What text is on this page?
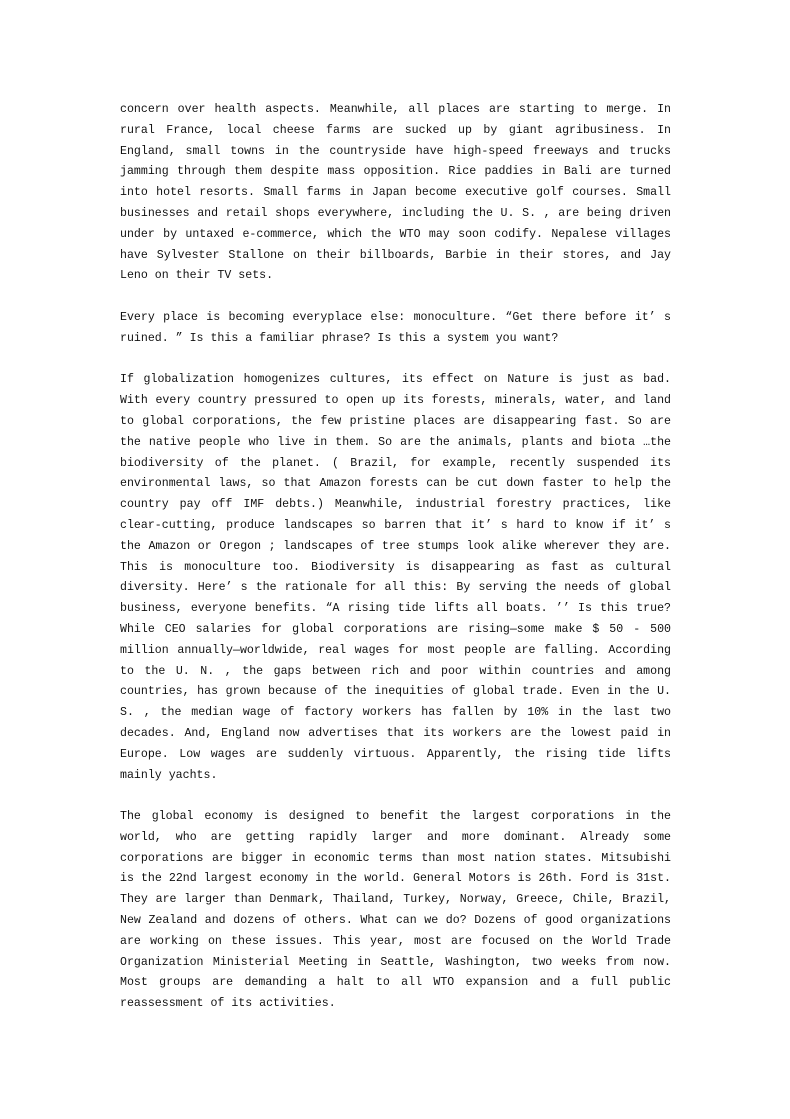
concern over health aspects. Meanwhile, all places are starting to merge. In
rural France, local cheese farms are sucked up by giant agribusiness. In
England, small towns in the countryside have high-speed freeways and trucks
jamming through them despite mass opposition. Rice paddies in Bali are turned
into hotel resorts. Small farms in Japan become executive golf courses. Small
businesses and retail shops everywhere, including the U. S. , are being driven
under by untaxed e-commerce, which the WTO may soon codify. Nepalese villages
have Sylvester Stallone on their billboards, Barbie in their stores, and Jay
Leno on their TV sets.
Every place is becoming everyplace else: monoculture. “Get there before it’ s
ruined. ” Is this a familiar phrase? Is this a system you want?
If globalization homogenizes cultures, its effect on Nature is just as bad.
With every country pressured to open up its forests, minerals, water, and land
to global corporations, the few pristine places are disappearing fast. So are
the native people who live in them. So are the animals, plants and biota …the
biodiversity of the planet. ( Brazil, for example, recently suspended its
environmental laws, so that Amazon forests can be cut down faster to help the
country pay off IMF debts.) Meanwhile, industrial forestry practices, like
clear-cutting, produce landscapes so barren that it’ s hard to know if it’ s
the Amazon or Oregon ; landscapes of tree stumps look alike wherever they are.
This is monoculture too. Biodiversity is disappearing as fast as cultural
diversity. Here’ s the rationale for all this: By serving the needs of global
business, everyone benefits. “A rising tide lifts all boats. ’’ Is this true?
While CEO salaries for global corporations are rising—some make $ 50 - 500
million annually—worldwide, real wages for most people are falling. According
to the U. N. , the gaps between rich and poor within countries and among
countries, has grown because of the inequities of global trade. Even in the U.
S. , the median wage of factory workers has fallen by 10% in the last two
decades. And, England now advertises that its workers are the lowest paid in
Europe. Low wages are suddenly virtuous. Apparently, the rising tide lifts
mainly yachts.
The global economy is designed to benefit the largest corporations in the
world, who are getting rapidly larger and more dominant. Already some
corporations are bigger in economic terms than most nation states. Mitsubishi
is the 22nd largest economy in the world. General Motors is 26th. Ford is 31st.
They are larger than Denmark, Thailand, Turkey, Norway, Greece, Chile, Brazil,
New Zealand and dozens of others. What can we do? Dozens of good organizations
are working on these issues. This year, most are focused on the World Trade
Organization Ministerial Meeting in Seattle, Washington, two weeks from now.
Most groups are demanding a halt to all WTO expansion and a full public
reassessment of its activities.
